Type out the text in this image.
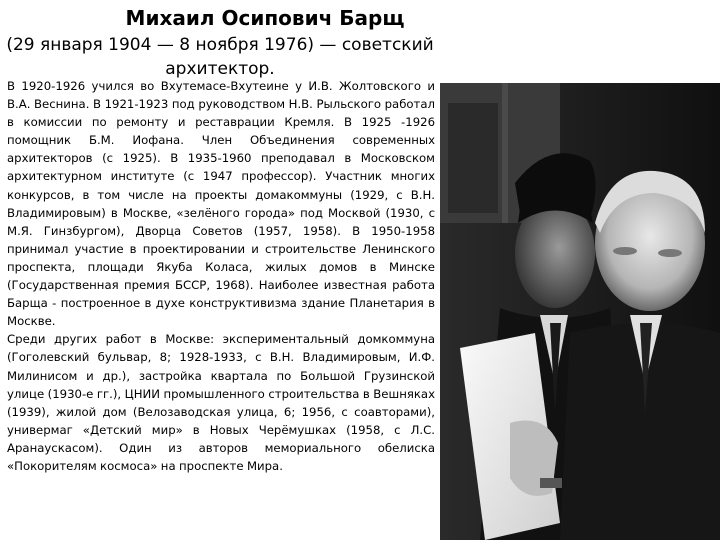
Михаил Осипович Барщ
(29 января 1904 — 8 ноября 1976) — советский архитектор.

В 1920-1926 учился во Вхутемасе-Вхутеине у И.В. Жолтовского и В.А. Веснина. В 1921-1923 под руководством Н.В. Рыльского работал в комиссии по ремонту и реставрации Кремля. В 1925 -1926 помощник Б.М. Иофана. Член Объединения современных архитекторов (с 1925). В 1935-1960 преподавал в Московском архитектурном институте (с 1947 профессор). Участник многих конкурсов, в том числе на проекты домакоммуны (1929, с В.Н. Владимировым) в Москве, «зелёного города» под Москвой (1930, с М.Я. Гинзбургом), Дворца Советов (1957, 1958). В 1950-1958 принимал участие в проектировании и строительстве Ленинского проспекта, площади Якуба Коласа, жилых домов в Минске (Государственная премия БССР, 1968). Наиболее известная работа Барща - построенное в духе конструктивизма здание Планетария в Москве.

Среди других работ в Москве: экспериментальный домкоммуна (Гоголевский бульвар, 8; 1928-1933, с В.Н. Владимировым, И.Ф. Милинисом и др.), застройка квартала по Большой Грузинской улице (1930-е гг.), ЦНИИ промышленного строительства в Вешняках (1939), жилой дом (Велозаводская улица, 6; 1956, с соавторами), универмаг «Детский мир» в Новых Черёмушках (1958, с Л.С. Аранаускасом). Один из авторов мемориального обелиска «Покорителям космоса» на проспекте Мира.
